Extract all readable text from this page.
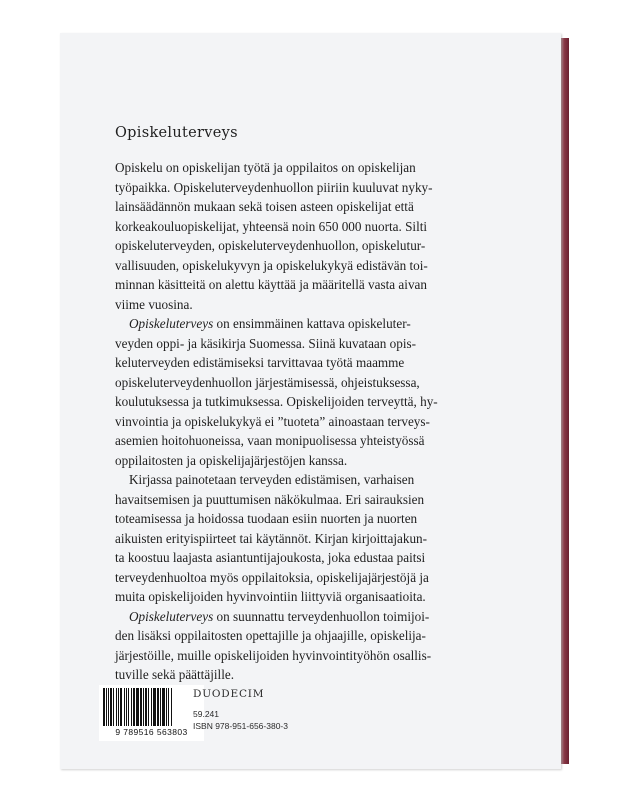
Opiskeluterveys

Opiskelu on opiskelijan työtä ja oppilaitos on opiskelijan
työpaikka. Opiskeluterveydenhuollon piiriin kuuluvat nyky-
lainsäädännön mukaan sekä toisen asteen opiskelijat että
korkeakouluopiskelijat, yhteensä noin 650 000 nuorta. Silti
opiskeluterveyden, opiskeluterveydenhuollon, opiskelutur-
vallisuuden, opiskelukyvyn ja opiskelukykyä edistävän toi-
minnan käsitteitä on alettu käyttää ja määritellä vasta aivan
viime vuosina.

Opiskeluterveys on ensimmäinen kattava opiskeluter-
veyden oppi- ja käsikirja Suomessa. Siinä kuvataan opis-
keluterveyden edistämiseksi tarvittavaa työtä maamme
opiskeluterveydenhuollon järjestämisessä, ohjeistuksessa,
koulutuksessa ja tutkimuksessa. Opiskelijoiden terveyttä, hy-
vinvointia ja opiskelukykyä ei ”tuoteta” ainoastaan terveys-
asemien hoitohuoneissa, vaan monipuolisessa yhteistyössä
oppilaitosten ja opiskelijajärjestöjen kanssa.

Kirjassa painotetaan terveyden edistämisen, varhaisen
havaitsemisen ja puuttumisen näkökulmaa. Eri sairauksien
toteamisessa ja hoidossa tuodaan esiin nuorten ja nuorten
aikuisten erityispiirteet tai käytännöt. Kirjan kirjoittajakun-
ta koostuu laajasta asiantuntijajoukosta, joka edustaa paitsi
terveydenhuoltoa myös oppilaitoksia, opiskelijajärjestöjä ja
muita opiskelijoiden hyvinvointiin liittyviä organisaatioita.

Opiskeluterveys on suunnattu terveydenhuollon toimijoi-
den lisäksi oppilaitosten opettajille ja ohjaajille, opiskelija-
järjestöille, muille opiskelijoiden hyvinvointityöhön osallis-
tuville sekä päättäjille.

9 789516 563803
DUODECIM
59.241
ISBN 978-951-656-380-3
